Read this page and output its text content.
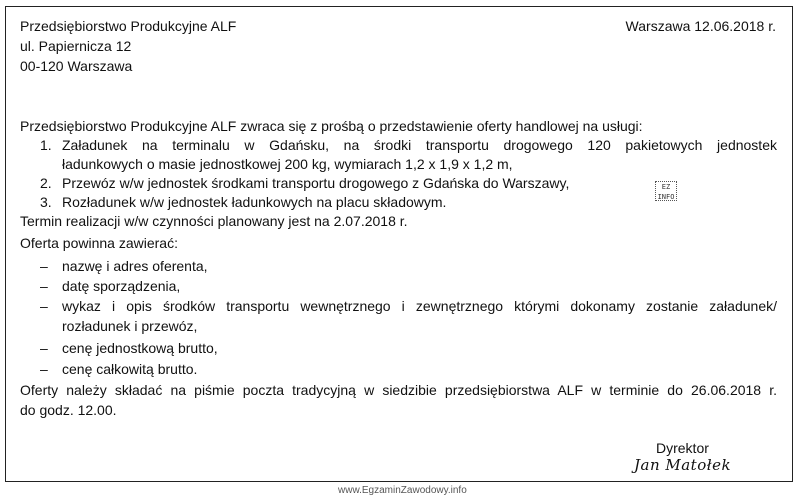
Przedsiębiorstwo Produkcyjne ALF
ul. Papiernicza 12
00-120 Warszawa
Warszawa 12.06.2018 r.
Przedsiębiorstwo Produkcyjne ALF zwraca się z prośbą o przedstawienie oferty handlowej na usługi:
1. Załadunek na terminalu w Gdańsku, na środki transportu drogowego 120 pakietowych jednostek
ładunkowych o masie jednostkowej 200 kg, wymiarach 1,2 x 1,9 x 1,2 m,
2. Przewóz w/w jednostek środkami transportu drogowego z Gdańska do Warszawy,
3. Rozładunek w/w jednostek ładunkowych na placu składowym.
EZ
INFO
Termin realizacji w/w czynności planowany jest na 2.07.2018 r.
Oferta powinna zawierać:
– nazwę i adres oferenta,
– datę sporządzenia,
– wykaz i opis środków transportu wewnętrznego i zewnętrznego którymi dokonamy zostanie załadunek/
rozładunek i przewóz,
– cenę jednostkową brutto,
– cenę całkowitą brutto.
Oferty należy składać na piśmie poczta tradycyjną w siedzibie przedsiębiorstwa ALF w terminie do 26.06.2018 r.
do godz. 12.00.
Dyrektor
Jan Matołek
www.EgzaminZawodowy.info
